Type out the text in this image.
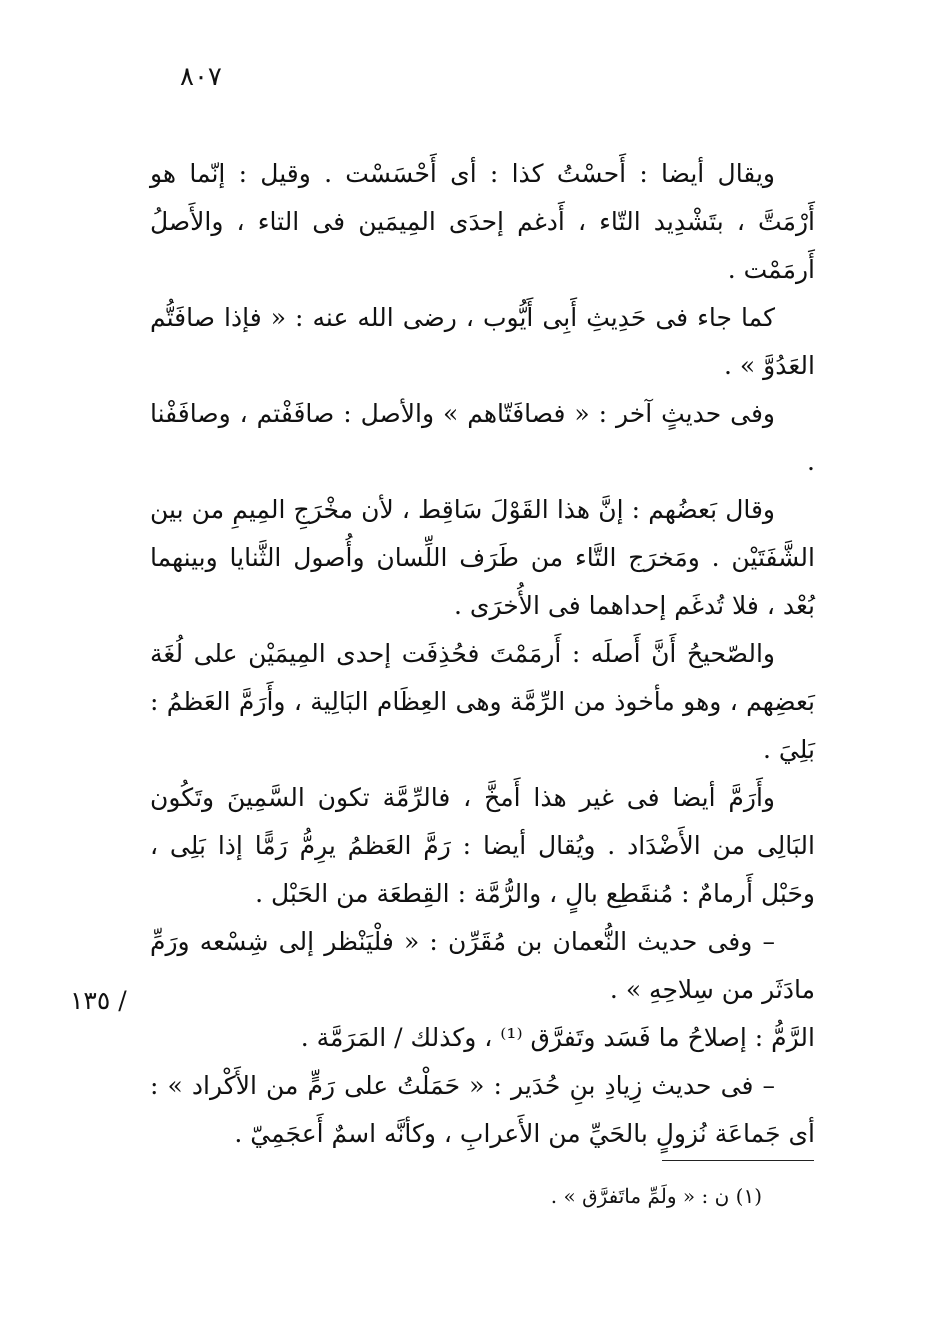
٨٠٧

ويقال أيضا : أَحسْتُ كذا : أى أَحْسَسْت . وقيل : إنّما هو أَرْمَتَّ ، بتَشْدِيد التّاء ، أَدغم إحدَى المِيمَين فى التاء ، والأَصلُ أَرمَمْت .

كما جاء فى حَدِيثِ أَبِى أَيُّوب ، رضى الله عنه : « فإذا صافَتُّم العَدُوَّ » .

وفى حديثٍ آخر : « فصافَتّاهم » والأصل : صافَفْتم ، وصافَفْنا .

وقال بَعضُهم : إنَّ هذا القَوْلَ سَاقِط ، لأن مخْرَجِ المِيمِ من بين الشَّفَتَيْن . ومَخرَج التَّاء من طَرَف اللِّسان وأُصول الثَّنايا وبينهما بُعْد ، فلا تُدغَم إحداهما فى الأُخرَى .

والصّحيحُ أَنَّ أَصلَه : أَرمَمْتَ فحُذِفَت إحدى المِيمَيْن على لُغَة بَعضِهم ، وهو مأخوذ من الرِّمَّة وهى العِظَام البَالِية ، وأَرَمَّ العَظمُ : بَلِيَ .

وأَرَمَّ أيضا فى غير هذا أَمخَّ ، فالرِّمَّة تكون السَّمِينَ وتَكُون البَالِى من الأَضْدَاد . ويُقال أيضا : رَمَّ العَظمُ يرِمُّ رَمًّا إذا بَلِى ، وحَبْل أَرمامٌ : مُنقَطِع بالٍ ، والرُّمَّة : القِطعَة من الحَبْل .

– وفى حديث النُّعمان بن مُقَرِّن : « فلْيَنْظر إلى شِسْعه ورَمِّ مادَثَر من سِلاحِهِ » .

الرَّمُّ : إصلاحُ ما فَسَد وتَفرَّق ⁽¹⁾ ، وكذلك / المَرَمَّة .

– فى حديث زِيادِ بنِ حُدَير : « حَمَلْتُ على رَمٍّ من الأَكْراد » : أى جَماعَة نُزولٍ بالحَيِّ من الأَعرابِ ، وكأنَّه اسمٌ أَعجَمِيّ .

/ ١٣٥
(١) ن : « ولَمِّ ماتَفرَّق » .
